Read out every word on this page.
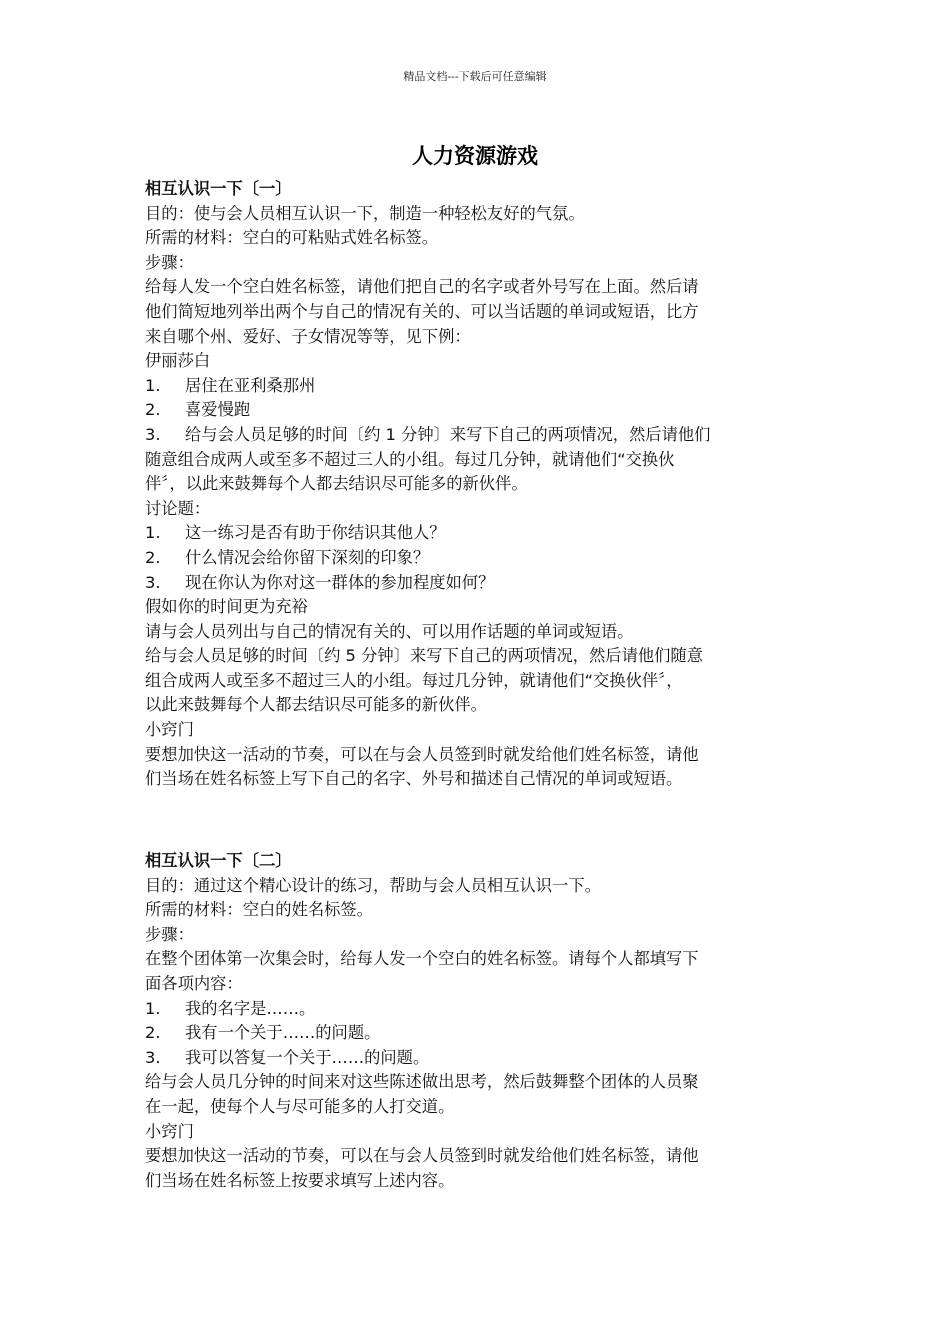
精品文档---下载后可任意编辑
人力资源游戏
相互认识一下〔一〕
目的：使与会人员相互认识一下，制造一种轻松友好的气氛。
所需的材料：空白的可粘贴式姓名标签。
步骤：
给每人发一个空白姓名标签，请他们把自己的名字或者外号写在上面。然后请
他们简短地列举出两个与自己的情况有关的、可以当话题的单词或短语，比方
来自哪个州、爱好、子女情况等等，见下例：
伊丽莎白
1. 居住在亚利桑那州
2. 喜爱慢跑
3. 给与会人员足够的时间〔约 1 分钟〕来写下自己的两项情况，然后请他们
随意组合成两人或至多不超过三人的小组。每过几分钟，就请他们“交换伙
伴〞，以此来鼓舞每个人都去结识尽可能多的新伙伴。
讨论题：
1. 这一练习是否有助于你结识其他人？
2. 什么情况会给你留下深刻的印象？
3. 现在你认为你对这一群体的参加程度如何？
假如你的时间更为充裕
请与会人员列出与自己的情况有关的、可以用作话题的单词或短语。
给与会人员足够的时间〔约 5 分钟〕来写下自己的两项情况，然后请他们随意
组合成两人或至多不超过三人的小组。每过几分钟，就请他们“交换伙伴〞，
以此来鼓舞每个人都去结识尽可能多的新伙伴。
小窍门
要想加快这一活动的节奏，可以在与会人员签到时就发给他们姓名标签，请他
们当场在姓名标签上写下自己的名字、外号和描述自己情况的单词或短语。
相互认识一下〔二〕
目的：通过这个精心设计的练习，帮助与会人员相互认识一下。
所需的材料：空白的姓名标签。
步骤：
在整个团体第一次集会时，给每人发一个空白的姓名标签。请每个人都填写下
面各项内容：
1. 我的名字是……。
2. 我有一个关于……的问题。
3. 我可以答复一个关于……的问题。
给与会人员几分钟的时间来对这些陈述做出思考，然后鼓舞整个团体的人员聚
在一起，使每个人与尽可能多的人打交道。
小窍门
要想加快这一活动的节奏，可以在与会人员签到时就发给他们姓名标签，请他
们当场在姓名标签上按要求填写上述内容。
